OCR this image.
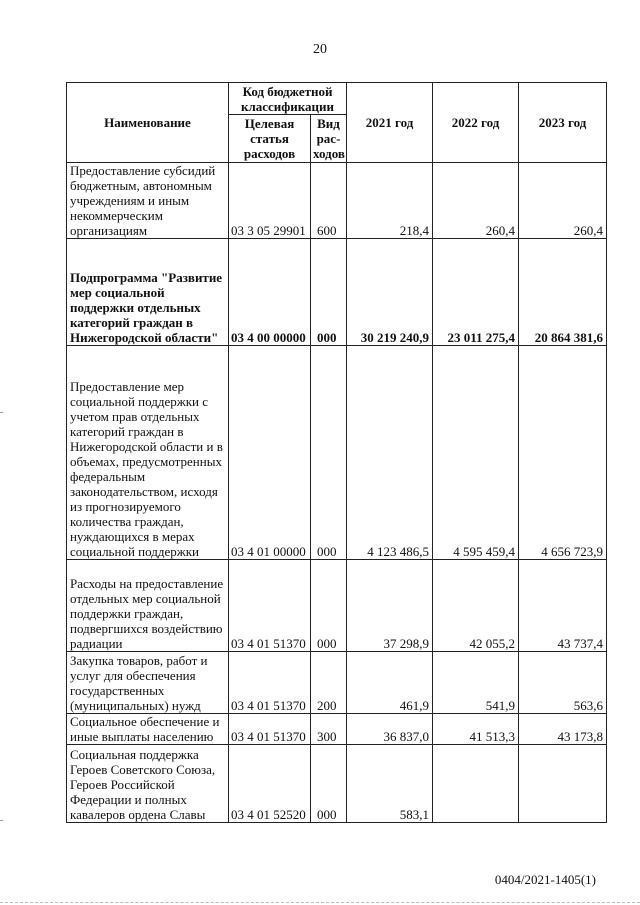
20
Наименование	Код бюджетной классификации		2021 год	2022 год	2023 год
	Целевая статья расходов	Вид рас-ходов			
Предоставление субсидий бюджетным, автономным учреждениям и иным некоммерческим организациям	03 3 05 29901	600	218,4	260,4	260,4
Подпрограмма "Развитие мер социальной поддержки отдельных категорий граждан в Нижегородской области"	03 4 00 00000	000	30 219 240,9	23 011 275,4	20 864 381,6
Предоставление мер социальной поддержки с учетом прав отдельных категорий граждан в Нижегородской области и в объемах, предусмотренных федеральным законодательством, исходя из прогнозируемого количества граждан, нуждающихся в мерах социальной поддержки	03 4 01 00000	000	4 123 486,5	4 595 459,4	4 656 723,9
Расходы на предоставление отдельных мер социальной поддержки граждан, подвергшихся воздействию радиации	03 4 01 51370	000	37 298,9	42 055,2	43 737,4
Закупка товаров, работ и услуг для обеспечения государственных (муниципальных) нужд	03 4 01 51370	200	461,9	541,9	563,6
Социальное обеспечение и иные выплаты населению	03 4 01 51370	300	36 837,0	41 513,3	43 173,8
Социальная поддержка Героев Советского Союза, Героев Российской Федерации и полных кавалеров ордена Славы	03 4 01 52520	000	583,1		
0404/2021-1405(1)
